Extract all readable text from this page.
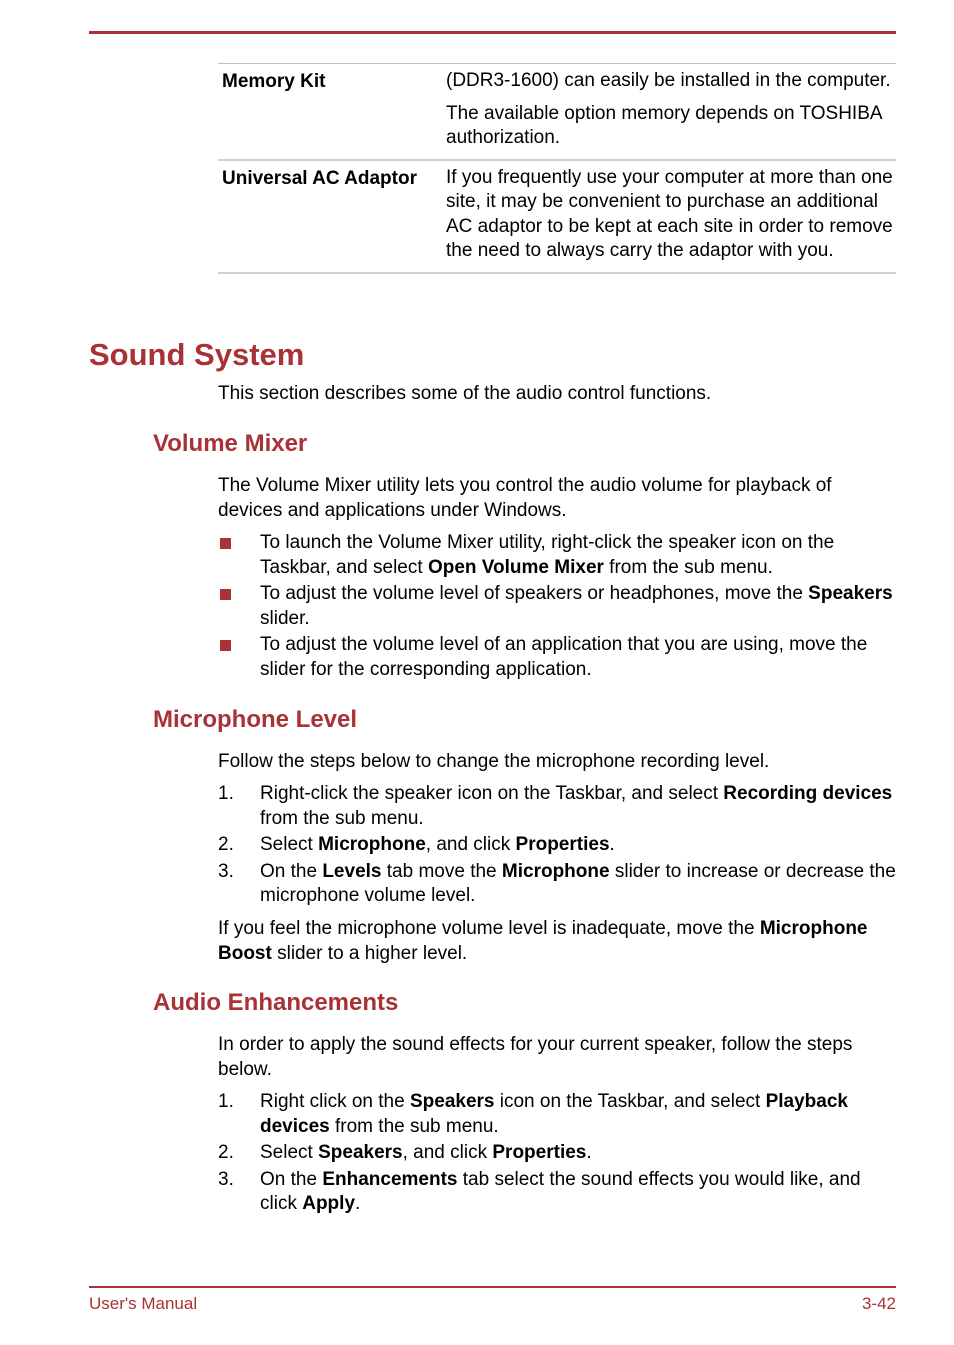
Memory Kit	(DDR3-1600) can easily be installed in the computer.

The available option memory depends on TOSHIBA authorization.

Universal AC Adaptor	If you frequently use your computer at more than one site, it may be convenient to purchase an additional AC adaptor to be kept at each site in order to remove the need to always carry the adaptor with you.

Sound System

This section describes some of the audio control functions.

Volume Mixer

The Volume Mixer utility lets you control the audio volume for playback of devices and applications under Windows.

To launch the Volume Mixer utility, right-click the speaker icon on the Taskbar, and select Open Volume Mixer from the sub menu.
To adjust the volume level of speakers or headphones, move the Speakers slider.
To adjust the volume level of an application that you are using, move the slider for the corresponding application.
Microphone Level

Follow the steps below to change the microphone recording level.

1. Right-click the speaker icon on the Taskbar, and select Recording devices from the sub menu.
2. Select Microphone, and click Properties.
3. On the Levels tab move the Microphone slider to increase or decrease the microphone volume level.

If you feel the microphone volume level is inadequate, move the Microphone Boost slider to a higher level.

Audio Enhancements

In order to apply the sound effects for your current speaker, follow the steps below.

1. Right click on the Speakers icon on the Taskbar, and select Playback devices from the sub menu.
2. Select Speakers, and click Properties.
3. On the Enhancements tab select the sound effects you would like, and click Apply.
User's Manual	3-42
